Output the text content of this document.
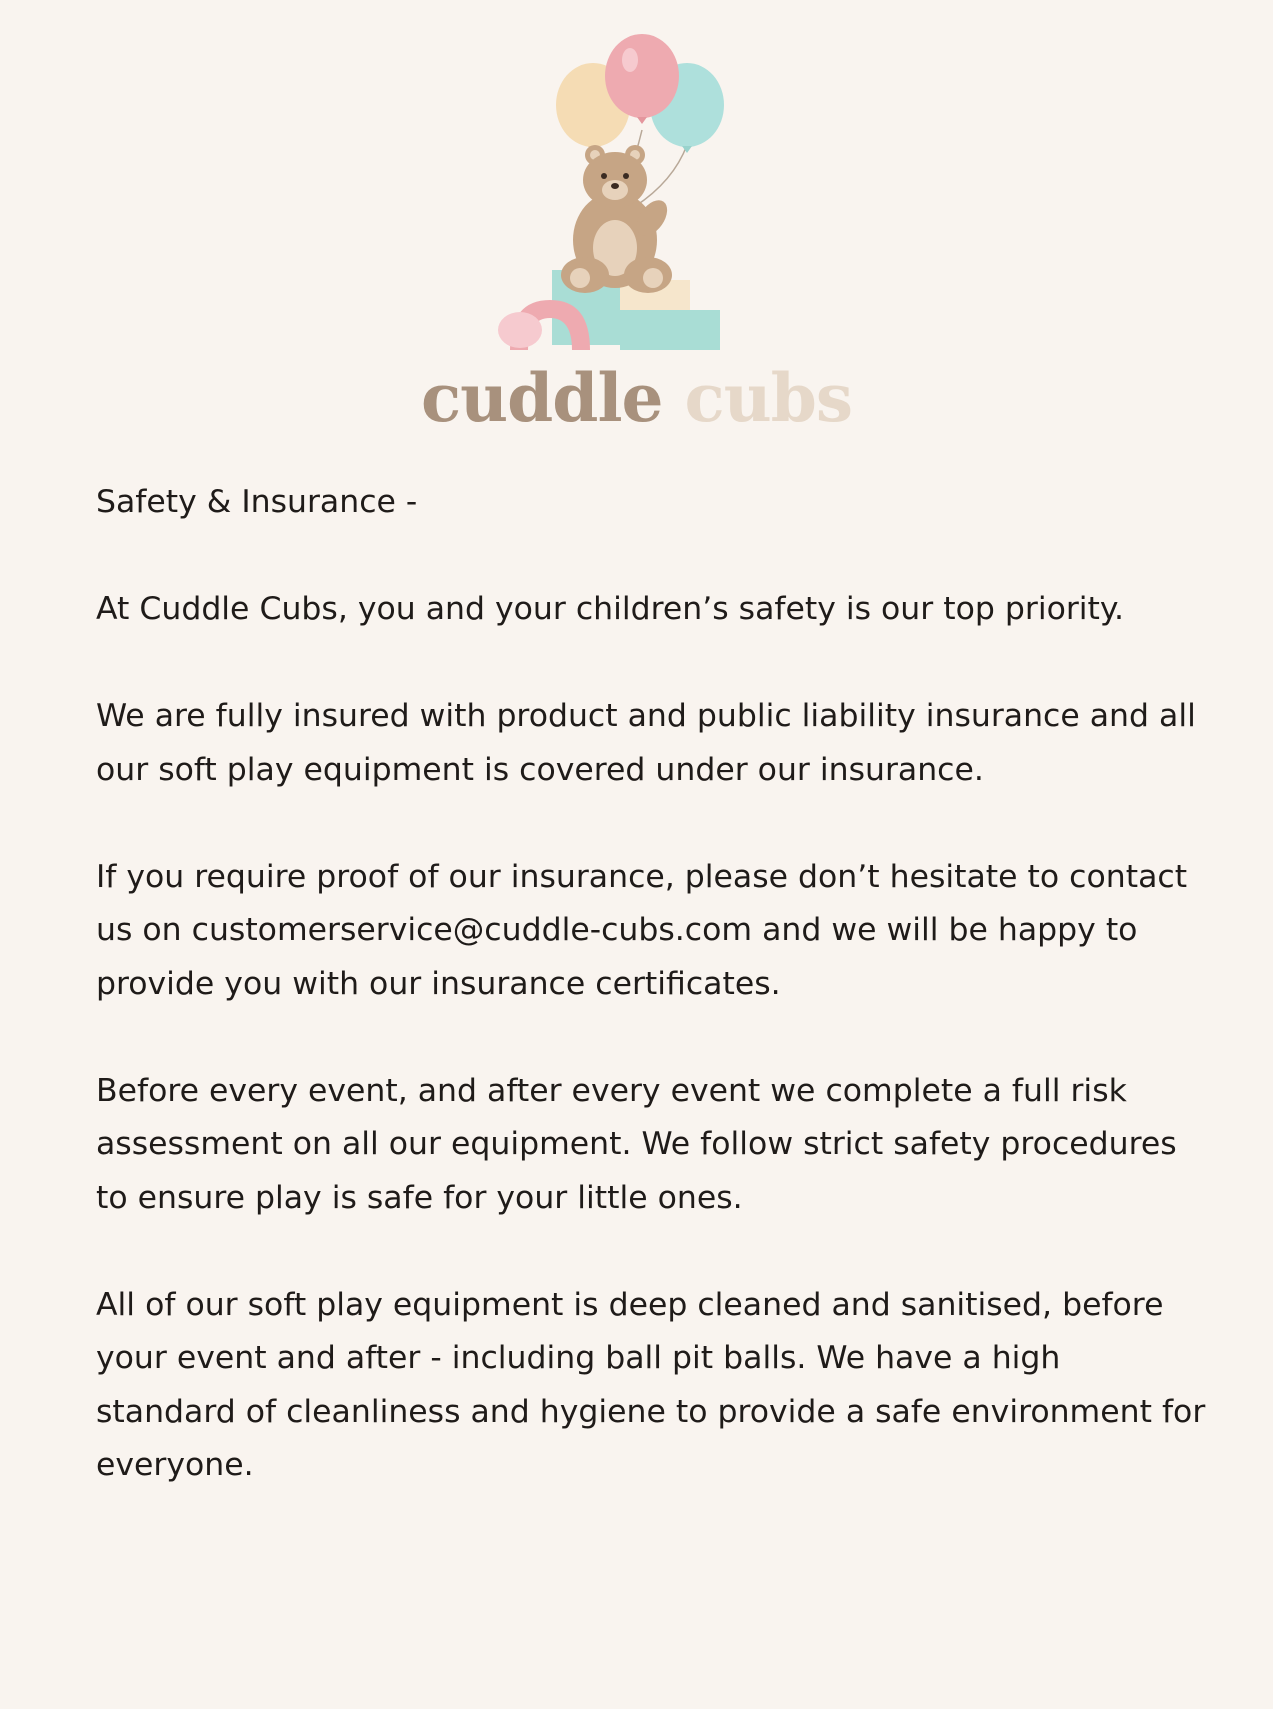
cuddle cubs

Safety & Insurance -

At Cuddle Cubs, you and your children’s safety is our top priority.

We are fully insured with product and public liability insurance and all our soft play equipment is covered under our insurance.

If you require proof of our insurance, please don’t hesitate to contact us on customerservice@cuddle-cubs.com and we will be happy to provide you with our insurance certificates.

Before every event, and after every event we complete a full risk assessment on all our equipment. We follow strict safety procedures to ensure play is safe for your little ones.

All of our soft play equipment is deep cleaned and sanitised, before your event and after - including ball pit balls. We have a high standard of cleanliness and hygiene to provide a safe environment for everyone.
